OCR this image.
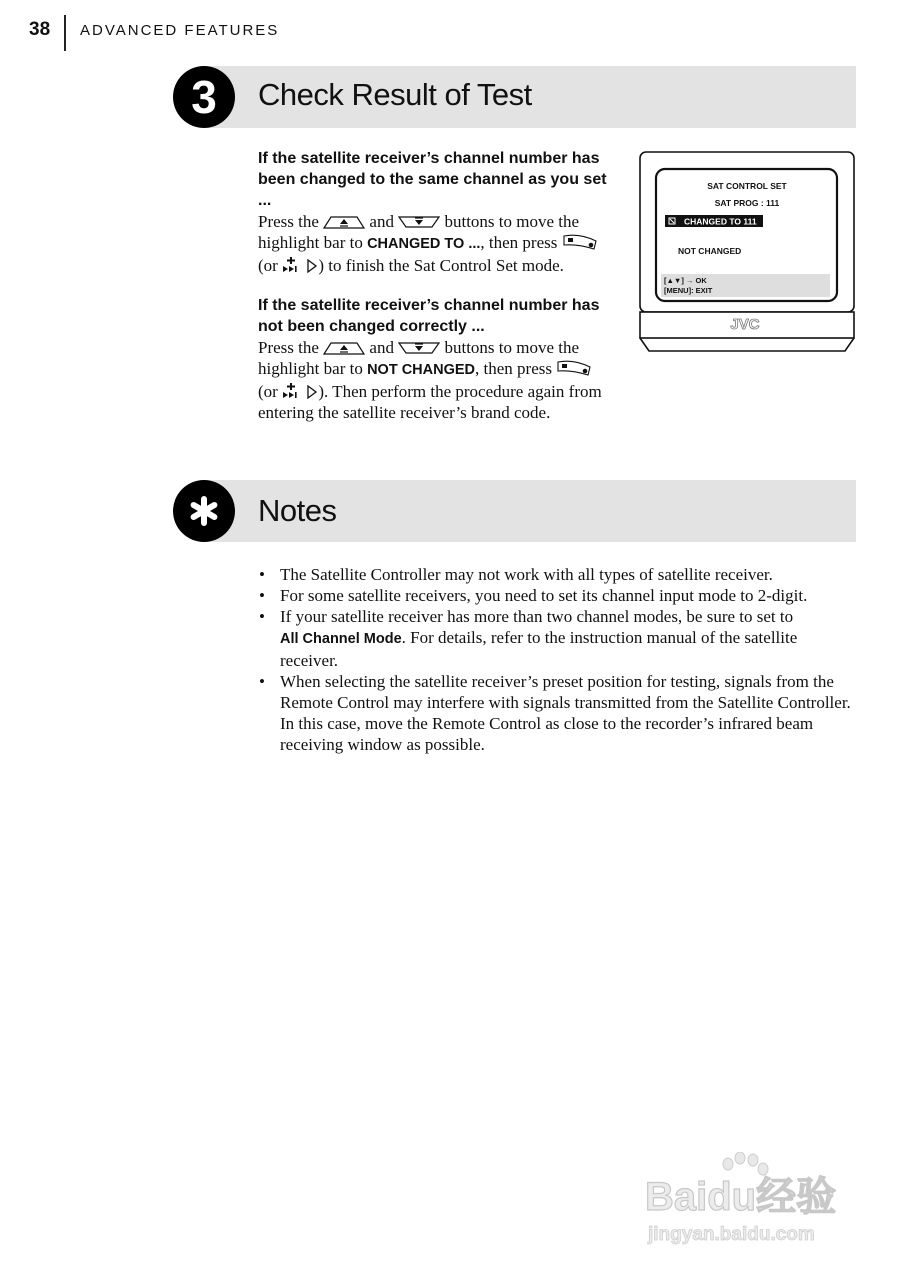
38 ADVANCED FEATURES
3	Check Result of Test

If the satellite receiver’s channel number has been changed to the same channel as you set ...

Press the	and	buttons to move the highlight bar to CHANGED TO ..., then press  (or ) to finish the Sat Control Set mode.

If the satellite receiver’s channel number has not been changed correctly ...

Press the	and	buttons to move the highlight bar to NOT CHANGED, then press  (or ). Then perform the procedure again from entering the satellite receiver’s brand code.

SAT CONTROL SET
SAT PROG : 111
CHANGED TO 111
NOT CHANGED
[▲▼] → OK
[MENU]: EXIT
JVC
Notes
• The Satellite Controller may not work with all types of satellite receiver.
• For some satellite receivers, you need to set its channel input mode to 2-digit.
• If your satellite receiver has more than two channel modes, be sure to set to
All Channel Mode. For details, refer to the instruction manual of the satellite receiver.
• When selecting the satellite receiver’s preset position for testing, signals from the Remote Control may interfere with signals transmitted from the Satellite Controller. In this case, move the Remote Control as close to the recorder’s infrared beam receiving window as possible.
Baidu经验
jingyan.baidu.com
